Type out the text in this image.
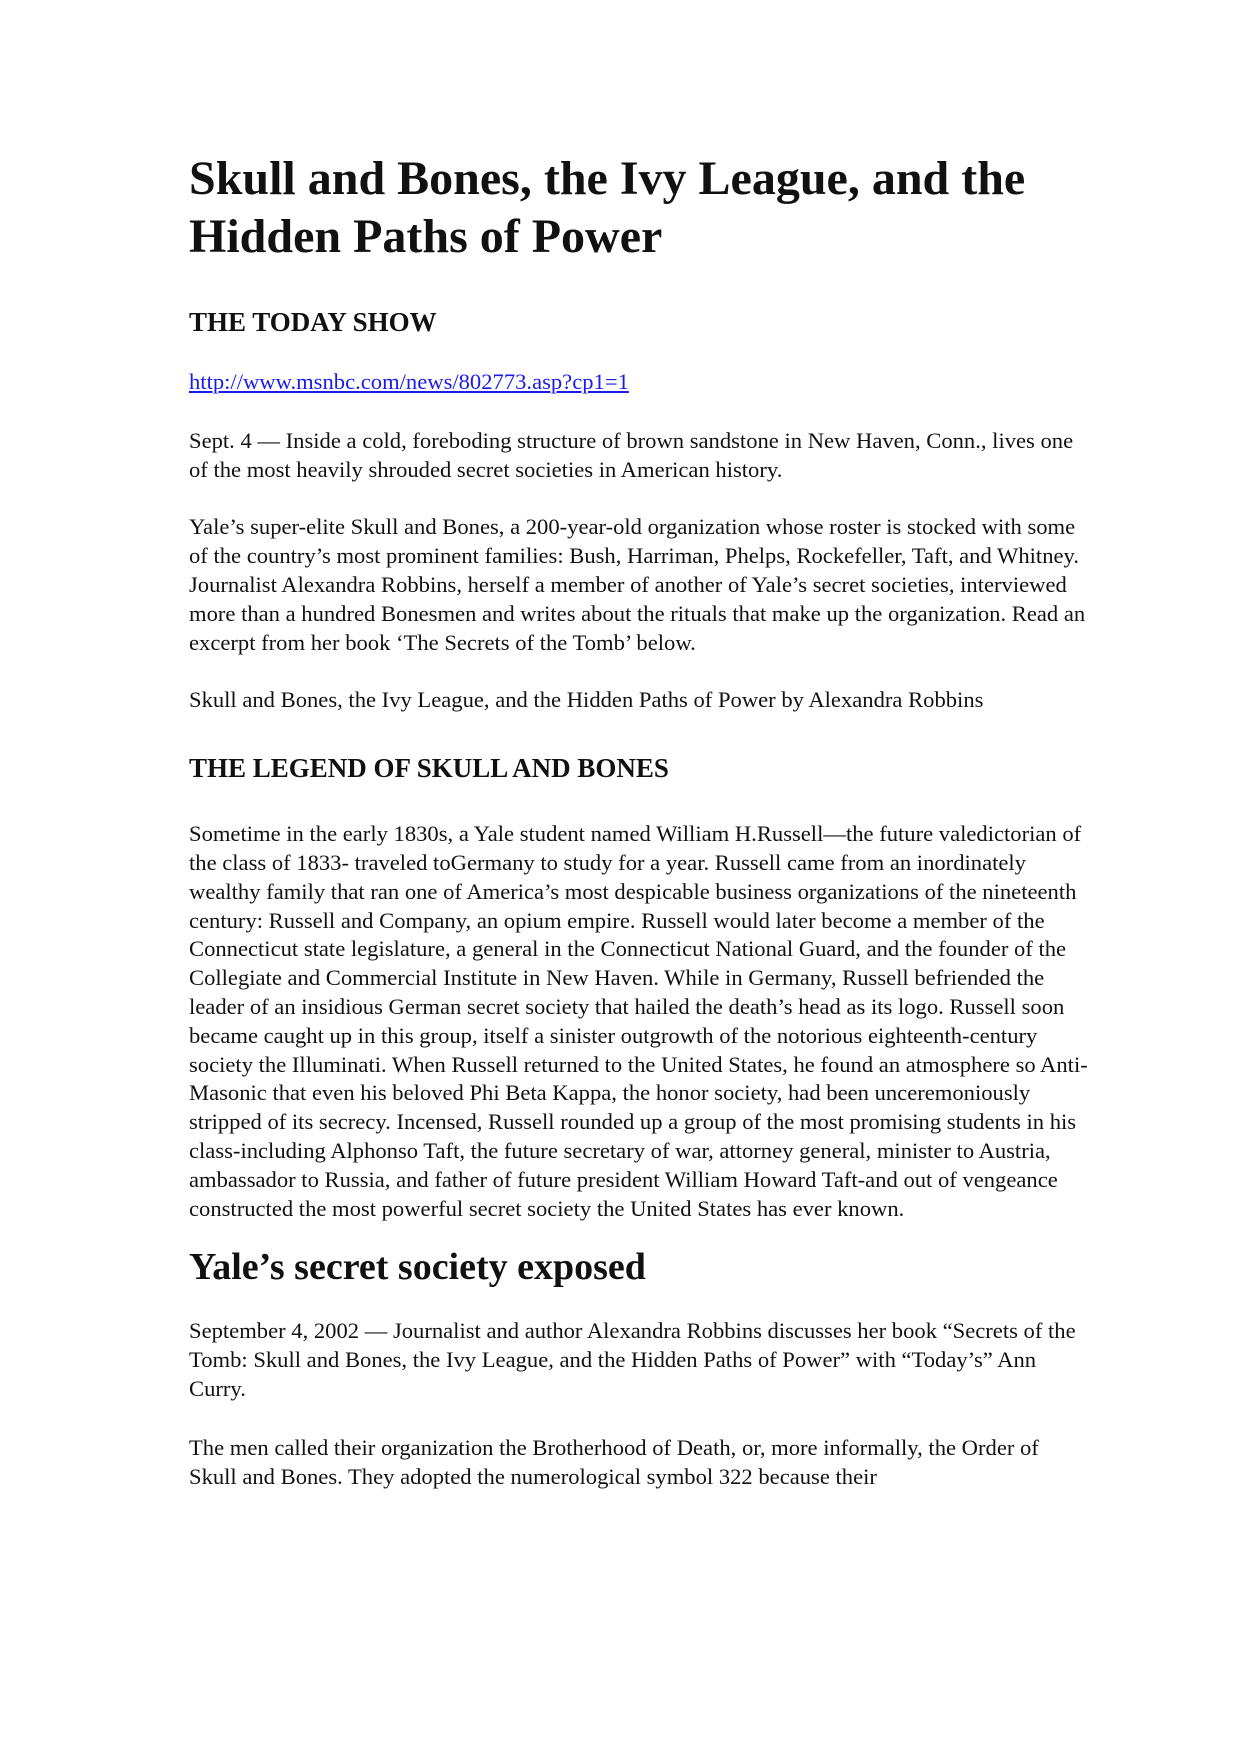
Skull and Bones, the Ivy League, and the Hidden Paths of Power
THE TODAY SHOW
http://www.msnbc.com/news/802773.asp?cp1=1

Sept. 4 — Inside a cold, foreboding structure of brown sandstone in New Haven, Conn., lives one of the most heavily shrouded secret societies in American history.

Yale’s super-elite Skull and Bones, a 200-year-old organization whose roster is stocked with some of the country’s most prominent families: Bush, Harriman, Phelps, Rockefeller, Taft, and Whitney. Journalist Alexandra Robbins, herself a member of another of Yale’s secret societies, interviewed more than a hundred Bonesmen and writes about the rituals that make up the organization. Read an excerpt from her book ‘The Secrets of the Tomb’ below.

Skull and Bones, the Ivy League, and the Hidden Paths of Power by Alexandra Robbins

THE LEGEND OF SKULL AND BONES

Sometime in the early 1830s, a Yale student named William H.Russell—the future valedictorian of the class of 1833- traveled toGermany to study for a year. Russell came from an inordinately wealthy family that ran one of America’s most despicable business organizations of the nineteenth century: Russell and Company, an opium empire. Russell would later become a member of the Connecticut state legislature, a general in the Connecticut National Guard, and the founder of the Collegiate and Commercial Institute in New Haven. While in Germany, Russell befriended the leader of an insidious German secret society that hailed the death’s head as its logo. Russell soon became caught up in this group, itself a sinister outgrowth of the notorious eighteenth-century society the Illuminati. When Russell returned to the United States, he found an atmosphere so Anti-Masonic that even his beloved Phi Beta Kappa, the honor society, had been unceremoniously stripped of its secrecy. Incensed, Russell rounded up a group of the most promising students in his class-including Alphonso Taft, the future secretary of war, attorney general, minister to Austria, ambassador to Russia, and father of future president William Howard Taft-and out of vengeance constructed the most powerful secret society the United States has ever known.

Yale’s secret society exposed

September 4, 2002 — Journalist and author Alexandra Robbins discusses her book “Secrets of the Tomb: Skull and Bones, the Ivy League, and the Hidden Paths of Power” with “Today’s” Ann Curry.

The men called their organization the Brotherhood of Death, or, more informally, the Order of Skull and Bones. They adopted the numerological symbol 322 because their
